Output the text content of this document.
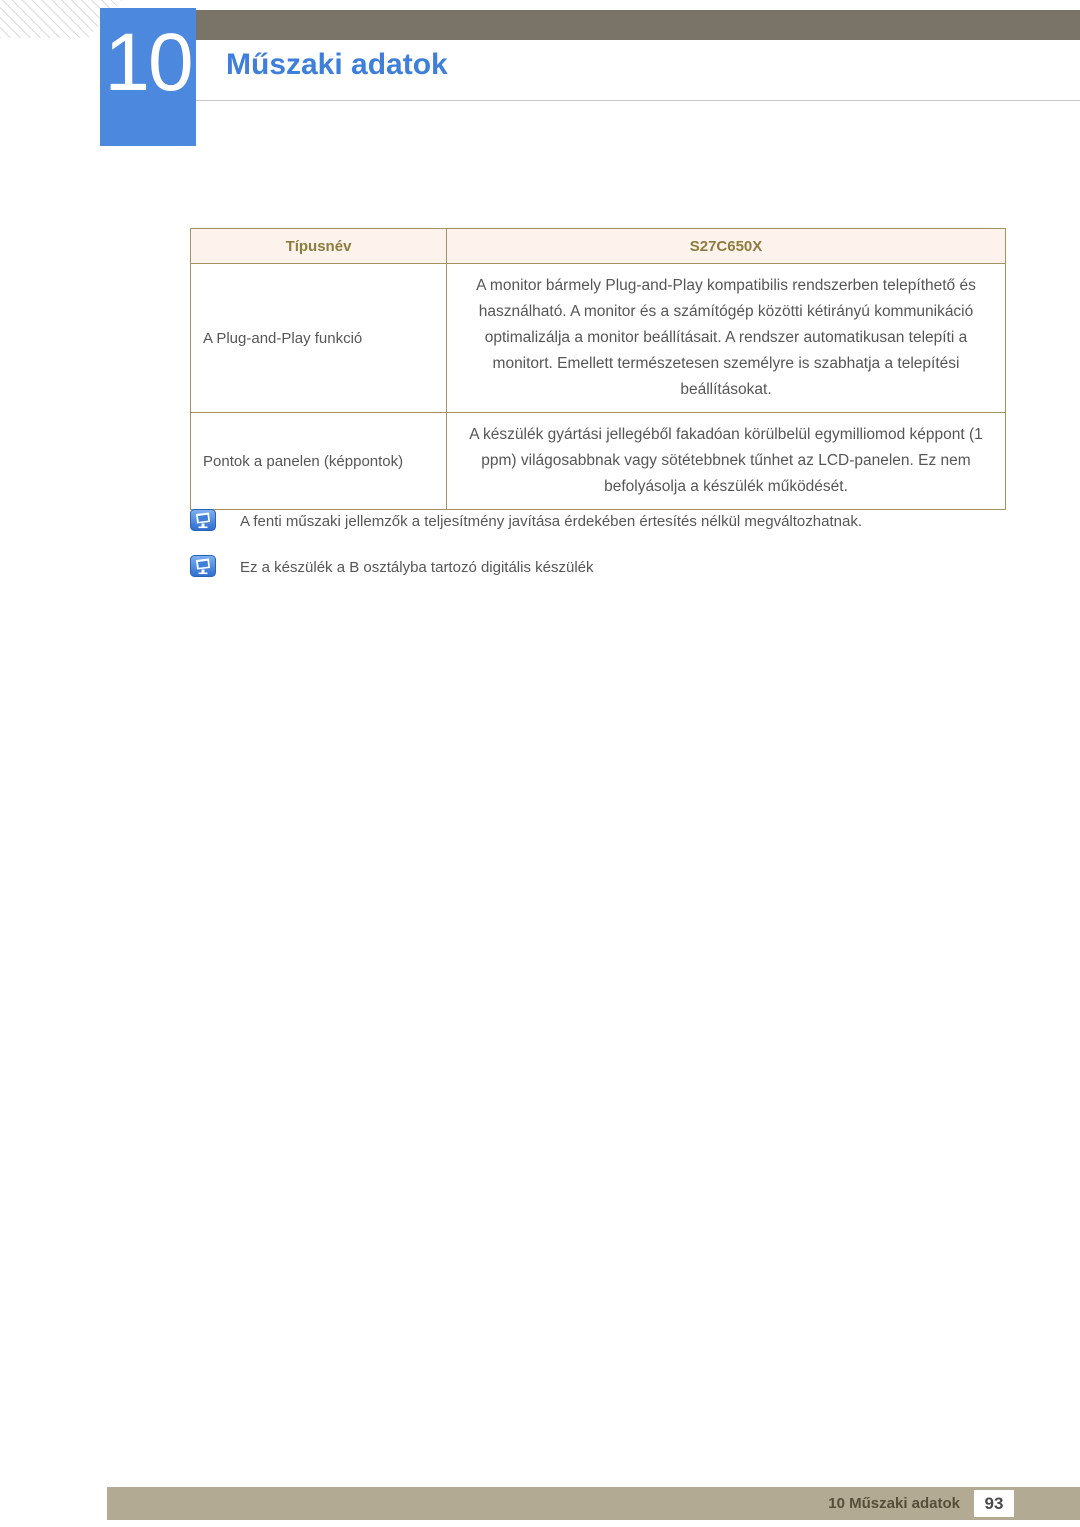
10 Műszaki adatok
Típusnév	S27C650X
A Plug-and-Play funkció	A monitor bármely Plug-and-Play kompatibilis rendszerben telepíthető és használható. A monitor és a számítógép közötti kétirányú kommunikáció optimalizálja a monitor beállításait. A rendszer automatikusan telepíti a monitort. Emellett természetesen személyre is szabhatja a telepítési beállításokat.
Pontok a panelen (képpontok)	A készülék gyártási jellegéből fakadóan körülbelül egymilliomod képpont (1 ppm) világosabbnak vagy sötétebbnek tűnhet az LCD-panelen. Ez nem befolyásolja a készülék működését.
A fenti műszaki jellemzők a teljesítmény javítása érdekében értesítés nélkül megváltozhatnak.
Ez a készülék a B osztályba tartozó digitális készülék
10 Műszaki adatok	93
